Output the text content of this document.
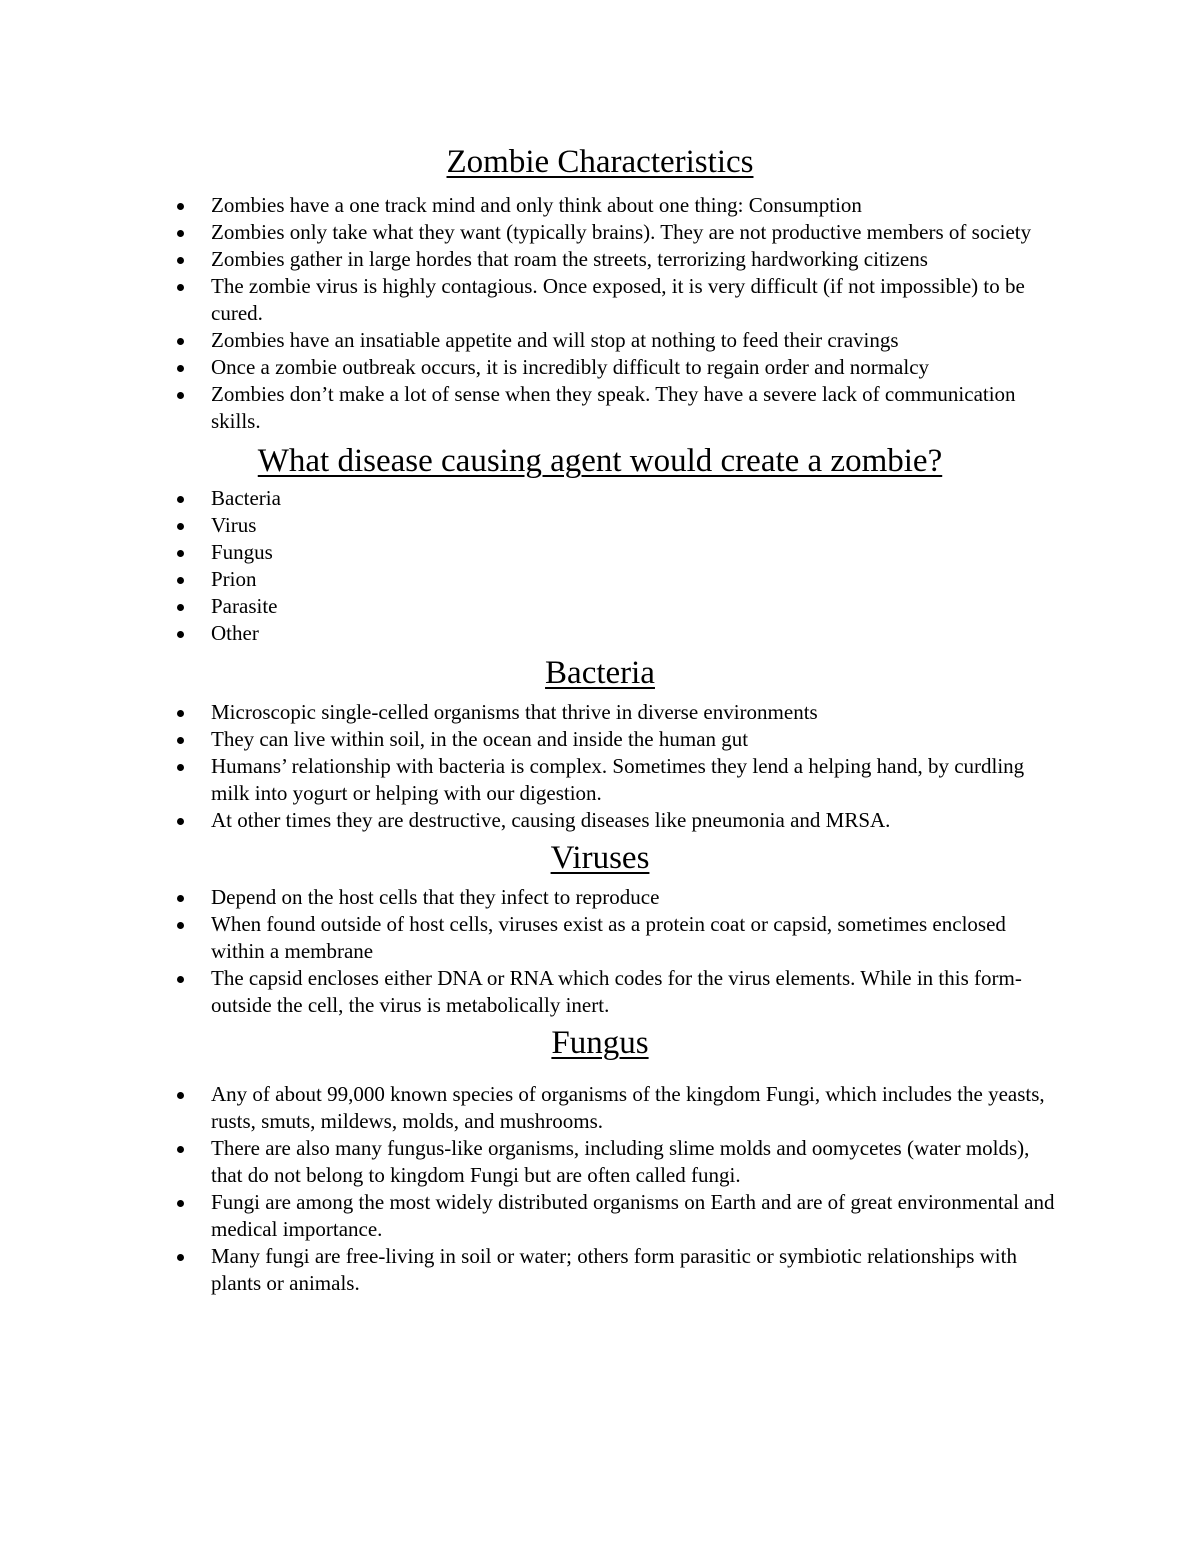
Zombie Characteristics
Zombies have a one track mind and only think about one thing: Consumption
Zombies only take what they want (typically brains). They are not productive members of society
Zombies gather in large hordes that roam the streets, terrorizing hardworking citizens
The zombie virus is highly contagious. Once exposed, it is very difficult (if not impossible) to be cured.
Zombies have an insatiable appetite and will stop at nothing to feed their cravings
Once a zombie outbreak occurs, it is incredibly difficult to regain order and normalcy
Zombies don’t make a lot of sense when they speak. They have a severe lack of communication skills.
What disease causing agent would create a zombie?
Bacteria
Virus
Fungus
Prion
Parasite
Other
Bacteria
Microscopic single-celled organisms that thrive in diverse environments
They can live within soil, in the ocean and inside the human gut
Humans’ relationship with bacteria is complex. Sometimes they lend a helping hand, by curdling milk into yogurt or helping with our digestion.
At other times they are destructive, causing diseases like pneumonia and MRSA.
Viruses
Depend on the host cells that they infect to reproduce
When found outside of host cells, viruses exist as a protein coat or capsid, sometimes enclosed within a membrane
The capsid encloses either DNA or RNA which codes for the virus elements. While in this form-outside the cell, the virus is metabolically inert.
Fungus
Any of about 99,000 known species of organisms of the kingdom Fungi, which includes the yeasts, rusts, smuts, mildews, molds, and mushrooms.
There are also many fungus-like organisms, including slime molds and oomycetes (water molds), that do not belong to kingdom Fungi but are often called fungi.
Fungi are among the most widely distributed organisms on Earth and are of great environmental and medical importance.
Many fungi are free-living in soil or water; others form parasitic or symbiotic relationships with plants or animals.
